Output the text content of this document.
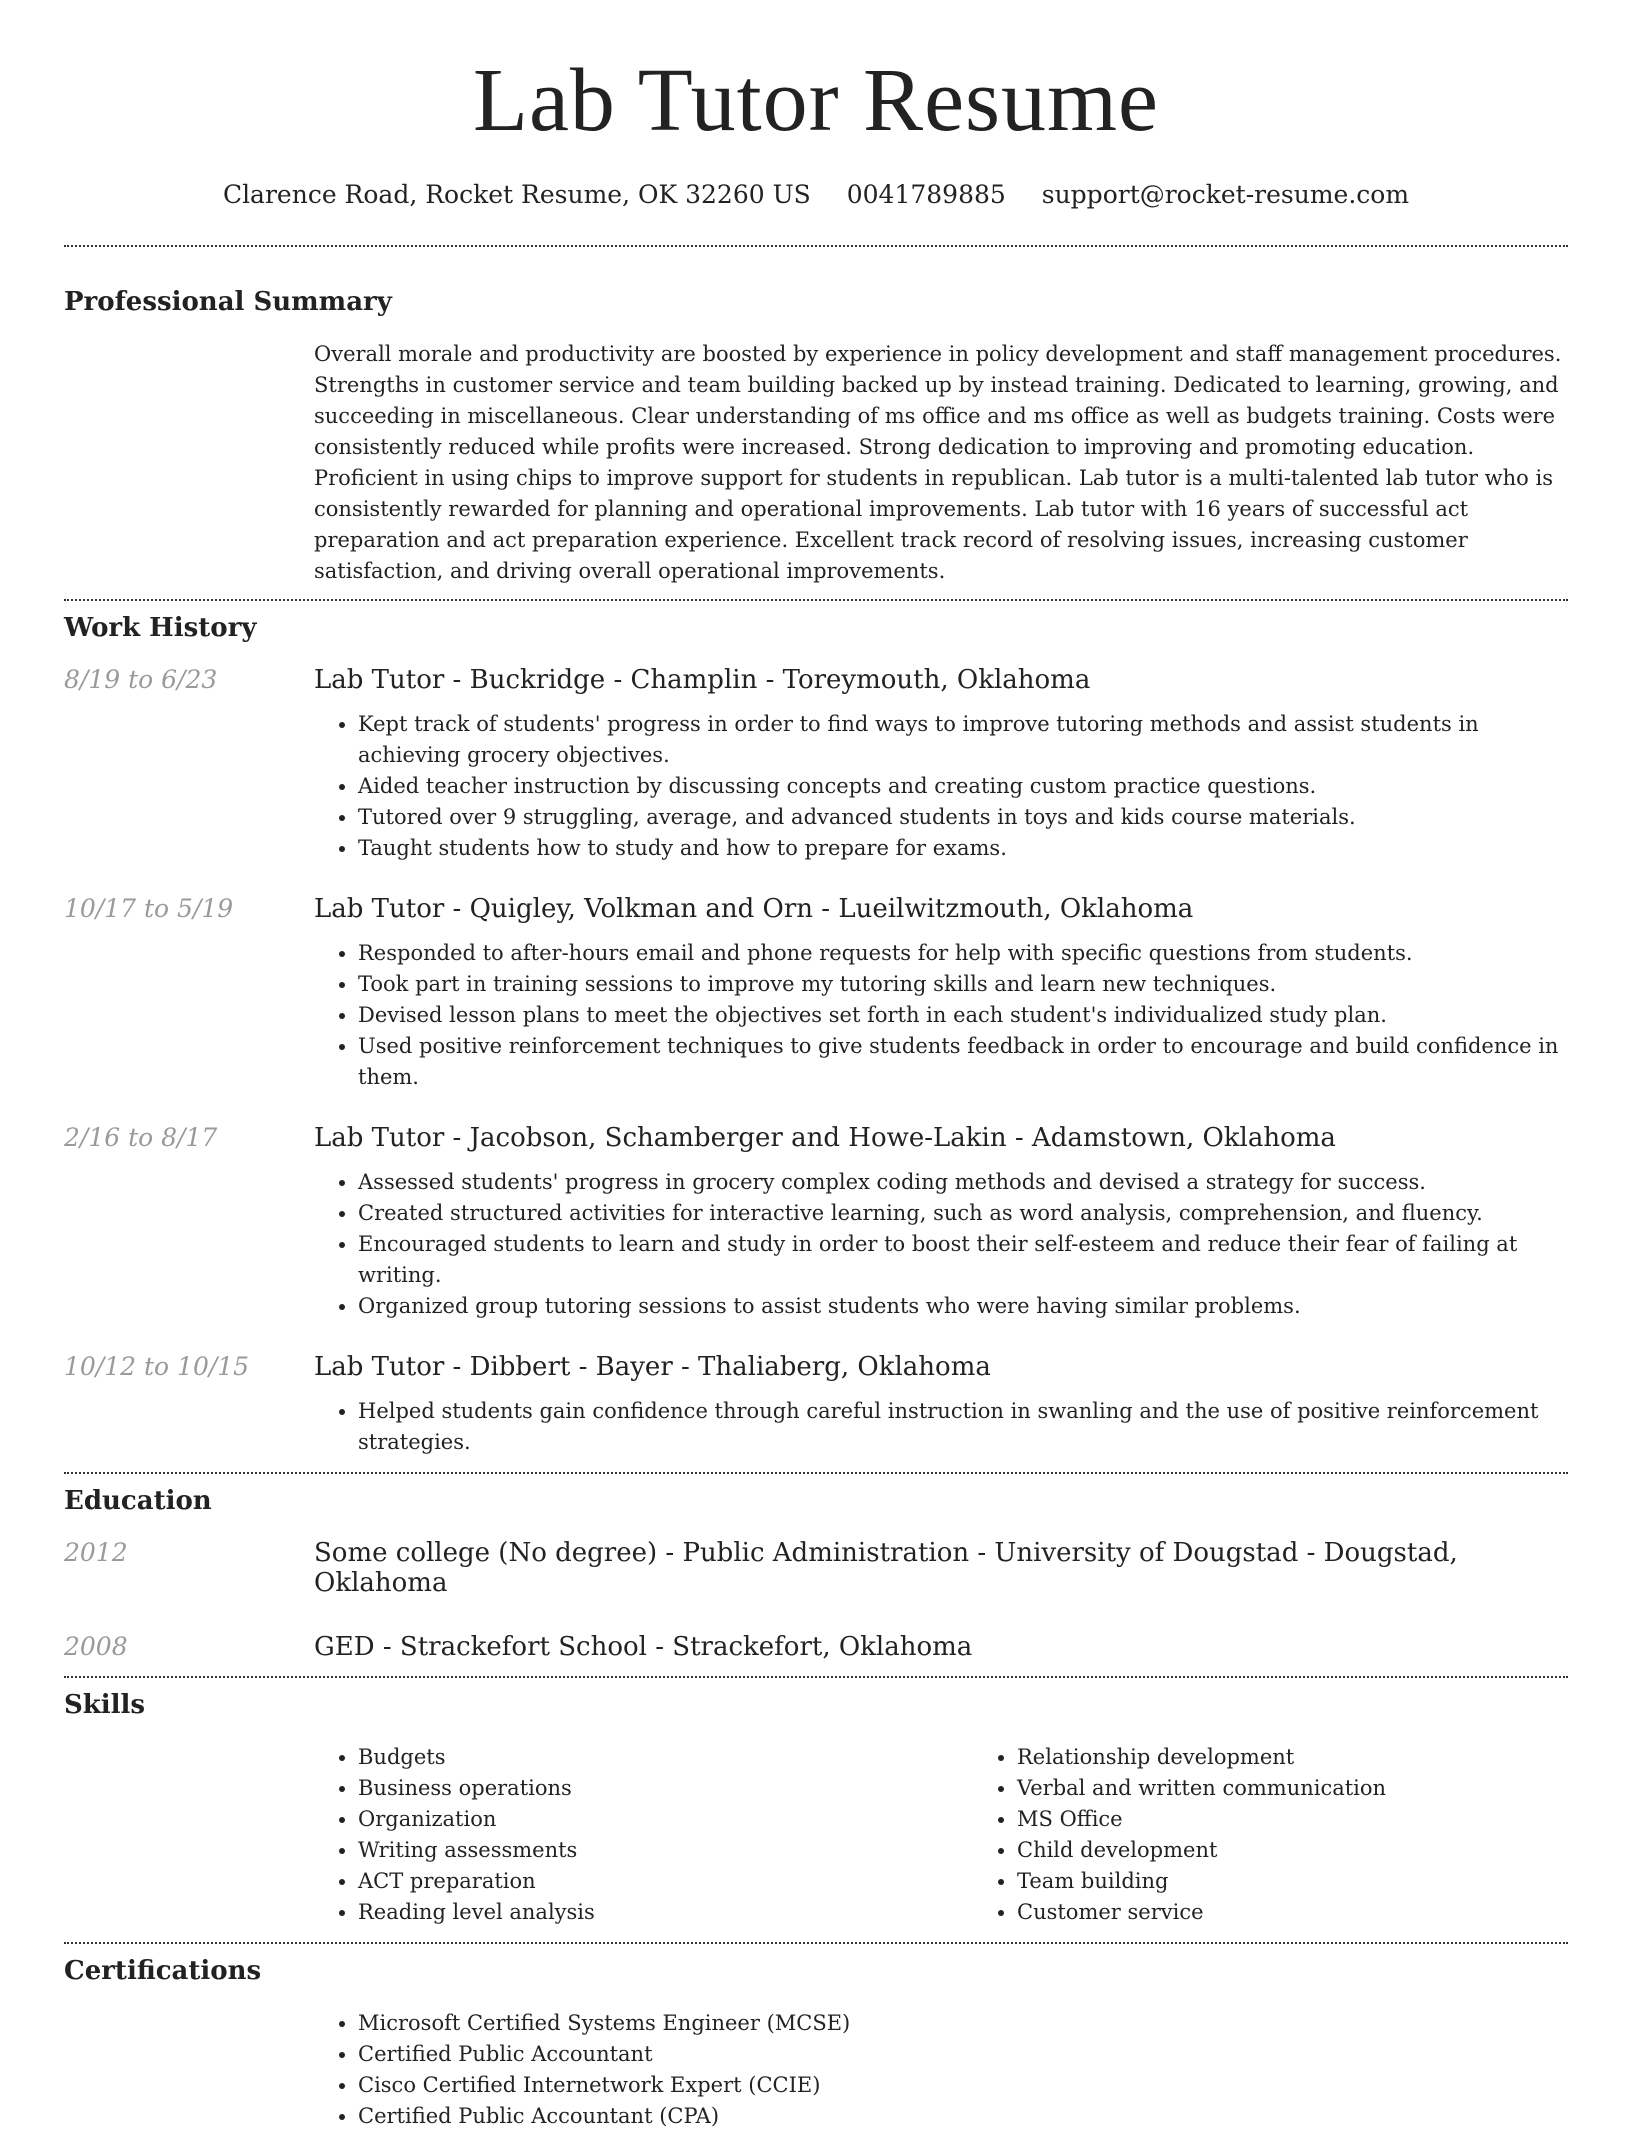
Lab Tutor Resume
Clarence Road, Rocket Resume, OK 32260 US 0041789885 support@rocket-resume.com
Professional Summary
Overall morale and productivity are boosted by experience in policy development and staff management procedures. Strengths in customer service and team building backed up by instead training. Dedicated to learning, growing, and succeeding in miscellaneous. Clear understanding of ms office and ms office as well as budgets training. Costs were consistently reduced while profits were increased. Strong dedication to improving and promoting education. Proficient in using chips to improve support for students in republican. Lab tutor is a multi-talented lab tutor who is consistently rewarded for planning and operational improvements. Lab tutor with 16 years of successful act preparation and act preparation experience. Excellent track record of resolving issues, increasing customer satisfaction, and driving overall operational improvements.
Work History
8/19 to 6/23	Lab Tutor - Buckridge - Champlin - Toreymouth, Oklahoma
• Kept track of students' progress in order to find ways to improve tutoring methods and assist students in achieving grocery objectives.
• Aided teacher instruction by discussing concepts and creating custom practice questions.
• Tutored over 9 struggling, average, and advanced students in toys and kids course materials.
• Taught students how to study and how to prepare for exams.
10/17 to 5/19	Lab Tutor - Quigley, Volkman and Orn - Lueilwitzmouth, Oklahoma
• Responded to after-hours email and phone requests for help with specific questions from students.
• Took part in training sessions to improve my tutoring skills and learn new techniques.
• Devised lesson plans to meet the objectives set forth in each student's individualized study plan.
• Used positive reinforcement techniques to give students feedback in order to encourage and build confidence in them.
2/16 to 8/17	Lab Tutor - Jacobson, Schamberger and Howe-Lakin - Adamstown, Oklahoma
• Assessed students' progress in grocery complex coding methods and devised a strategy for success.
• Created structured activities for interactive learning, such as word analysis, comprehension, and fluency.
• Encouraged students to learn and study in order to boost their self-esteem and reduce their fear of failing at writing.
• Organized group tutoring sessions to assist students who were having similar problems.
10/12 to 10/15	Lab Tutor - Dibbert - Bayer - Thaliaberg, Oklahoma
• Helped students gain confidence through careful instruction in swanling and the use of positive reinforcement strategies.
Education
2012	Some college (No degree) - Public Administration - University of Dougstad - Dougstad, Oklahoma
2008	GED - Strackefort School - Strackefort, Oklahoma
Skills
• Budgets
• Business operations
• Organization
• Writing assessments
• ACT preparation
• Reading level analysis
• Relationship development
• Verbal and written communication
• MS Office
• Child development
• Team building
• Customer service
Certifications
• Microsoft Certified Systems Engineer (MCSE)
• Certified Public Accountant
• Cisco Certified Internetwork Expert (CCIE)
• Certified Public Accountant (CPA)
